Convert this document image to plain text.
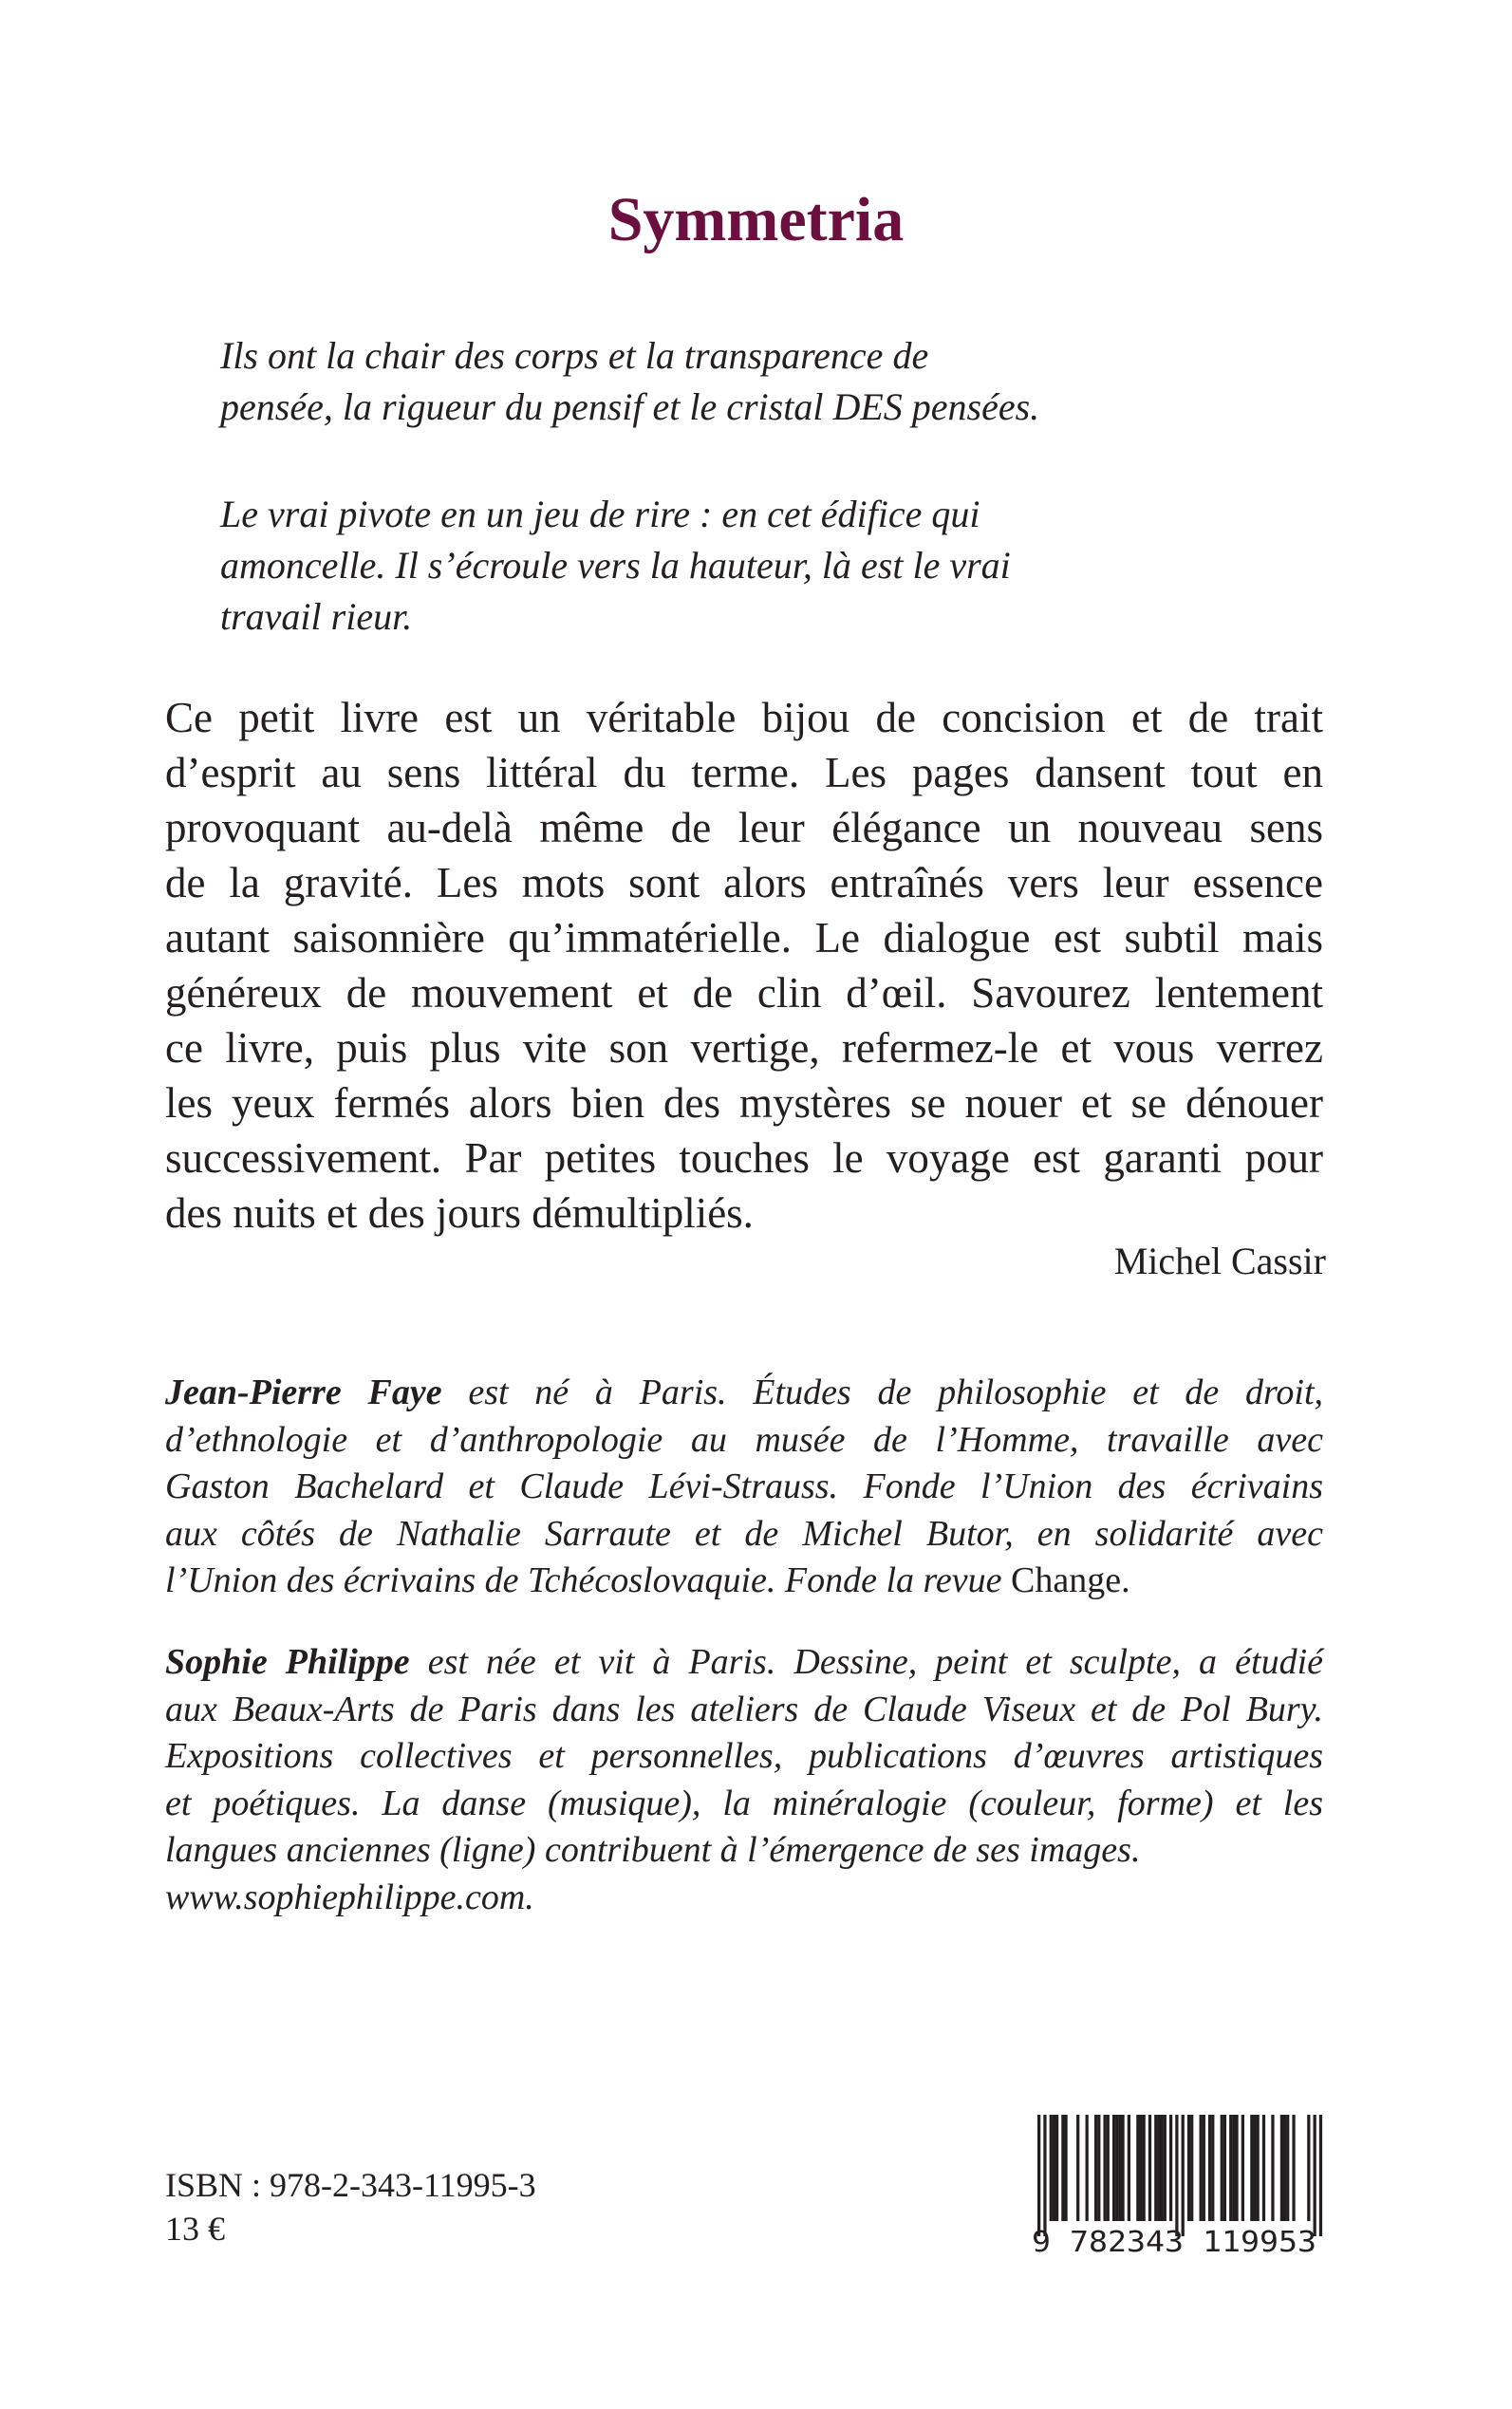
Symmetria

Ils ont la chair des corps et la transparence de
pensée, la rigueur du pensif et le cristal DES pensées.

Le vrai pivote en un jeu de rire : en cet édifice qui
amoncelle. Il s’écroule vers la hauteur, là est le vrai
travail rieur.

Ce petit livre est un véritable bijou de concision et de trait
d’esprit au sens littéral du terme. Les pages dansent tout en
provoquant au-delà même de leur élégance un nouveau sens
de la gravité. Les mots sont alors entraînés vers leur essence
autant saisonnière qu’immatérielle. Le dialogue est subtil mais
généreux de mouvement et de clin d’œil. Savourez lentement
ce livre, puis plus vite son vertige, refermez-le et vous verrez
les yeux fermés alors bien des mystères se nouer et se dénouer
successivement. Par petites touches le voyage est garanti pour
des nuits et des jours démultipliés.

Michel Cassir

Jean-Pierre Faye est né à Paris. Études de philosophie et de droit,
d’ethnologie et d’anthropologie au musée de l’Homme, travaille avec
Gaston Bachelard et Claude Lévi-Strauss. Fonde l’Union des écrivains
aux côtés de Nathalie Sarraute et de Michel Butor, en solidarité avec
l’Union des écrivains de Tchécoslovaquie. Fonde la revue Change.

Sophie Philippe est née et vit à Paris. Dessine, peint et sculpte, a étudié
aux Beaux-Arts de Paris dans les ateliers de Claude Viseux et de Pol Bury.
Expositions collectives et personnelles, publications d’œuvres artistiques
et poétiques. La danse (musique), la minéralogie (couleur, forme) et les
langues anciennes (ligne) contribuent à l’émergence de ses images.
www.sophiephilippe.com.

ISBN : 978-2-343-11995-3
13 €	9 782343 119953
